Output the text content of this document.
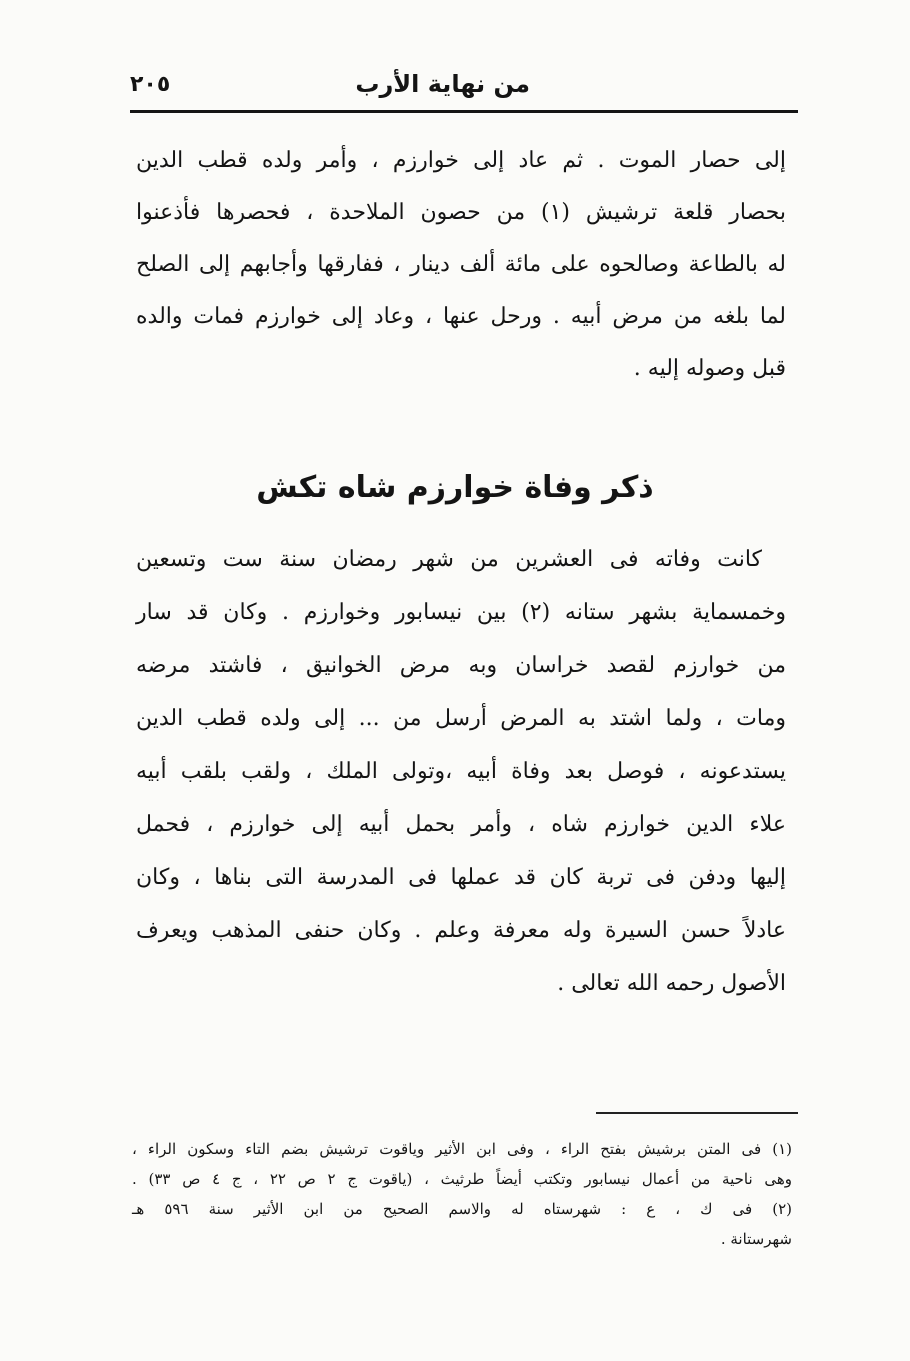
٢٠٥	من نهاية الأرب
إلى حصار الموت . ثم عاد إلى خوارزم ، وأمر ولده قطب الدين
بحصار قلعة ترشيش (١) من حصون الملاحدة ، فحصرها فأذعنوا
له بالطاعة وصالحوه على مائة ألف دينار ، ففارقها وأجابهم إلى الصلح
لما بلغه من مرض أبيه . ورحل عنها ، وعاد إلى خوارزم فمات والده
قبل وصوله إليه .
ذكر وفاة خوارزم شاه تكش
كانت وفاته فى العشرين من شهر رمضان سنة ست وتسعين
وخمسماية بشهر ستانه (٢) بين نيسابور وخوارزم . وكان قد سار
من خوارزم لقصد خراسان وبه مرض الخوانيق ، فاشتد مرضه
ومات ، ولما اشتد به المرض أرسل من ... إلى ولده قطب الدين
يستدعونه ، فوصل بعد وفاة أبيه ،وتولى الملك ، ولقب بلقب أبيه
علاء الدين خوارزم شاه ، وأمر بحمل أبيه إلى خوارزم ، فحمل
إليها ودفن فى تربة كان قد عملها فى المدرسة التى بناها ، وكان
عادلاً حسن السيرة وله معرفة وعلم . وكان حنفى المذهب ويعرف
الأصول رحمه الله تعالى .
(١) فى المتن برشيش بفتح الراء ، وفى ابن الأثير وياقوت ترشيش بضم التاء وسكون الراء ،
وهى ناحية من أعمال نيسابور وتكتب أيضاً طرثيث ، (ياقوت ج ٢ ص ٢٢ ، ج ٤ ص ٣٣) .
(٢) فى ك ، ع : شهرستاه له والاسم الصحيح من ابن الأثير سنة ٥٩٦ هـ
شهرستانة .
